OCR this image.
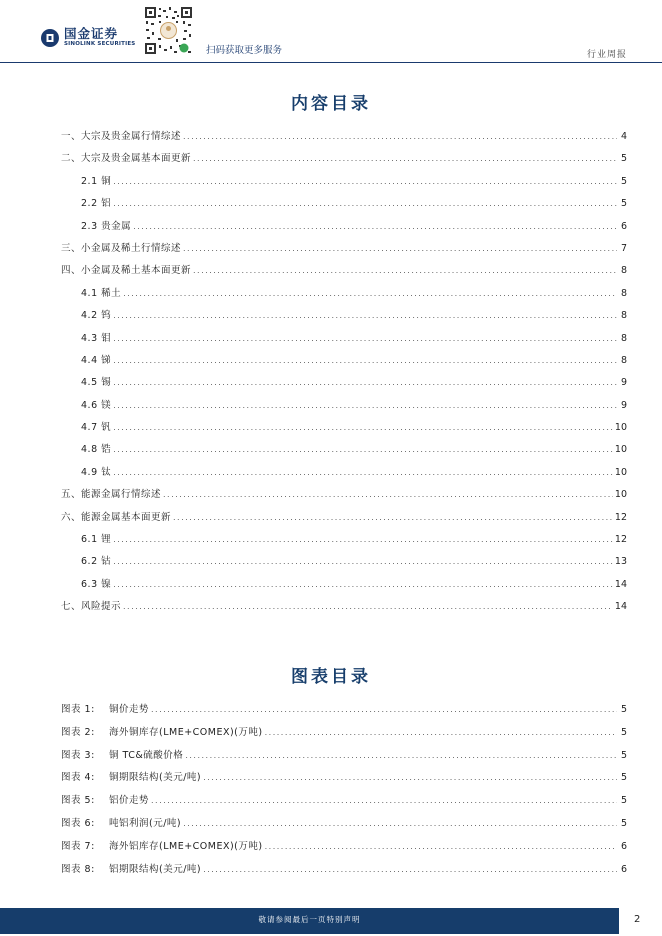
国金证券
SINOLINK SECURITIES
扫码获取更多服务	行业周报
内容目录
一、大宗及贵金属行情综述 .....	4
二、大宗及贵金属基本面更新 .....	5
2.1 铜 .....	5
2.2 铝 .....	5
2.3 贵金属 .....	6
三、小金属及稀土行情综述 .....	7
四、小金属及稀土基本面更新 .....	8
4.1 稀土 .....	8
4.2 钨 .....	8
4.3 钼 .....	8
4.4 锑 .....	8
4.5 锡 .....	9
4.6 镁 .....	9
4.7 钒 .....	10
4.8 锆 .....	10
4.9 钛 .....	10
五、能源金属行情综述 .....	10
六、能源金属基本面更新 .....	12
6.1 锂 .....	12
6.2 钴 .....	13
6.3 镍 .....	14
七、风险提示 .....	14
图表目录
图表 1:	铜价走势 .....	5
图表 2:	海外铜库存(LME+COMEX)(万吨) .....	5
图表 3:	铜 TC&硫酸价格 .....	5
图表 4:	铜期限结构(美元/吨) .....	5
图表 5:	铝价走势 .....	5
图表 6:	吨铝利润(元/吨) .....	5
图表 7:	海外铝库存(LME+COMEX)(万吨) .....	6
图表 8:	铝期限结构(美元/吨) .....	6
敬请参阅最后一页特别声明	2
